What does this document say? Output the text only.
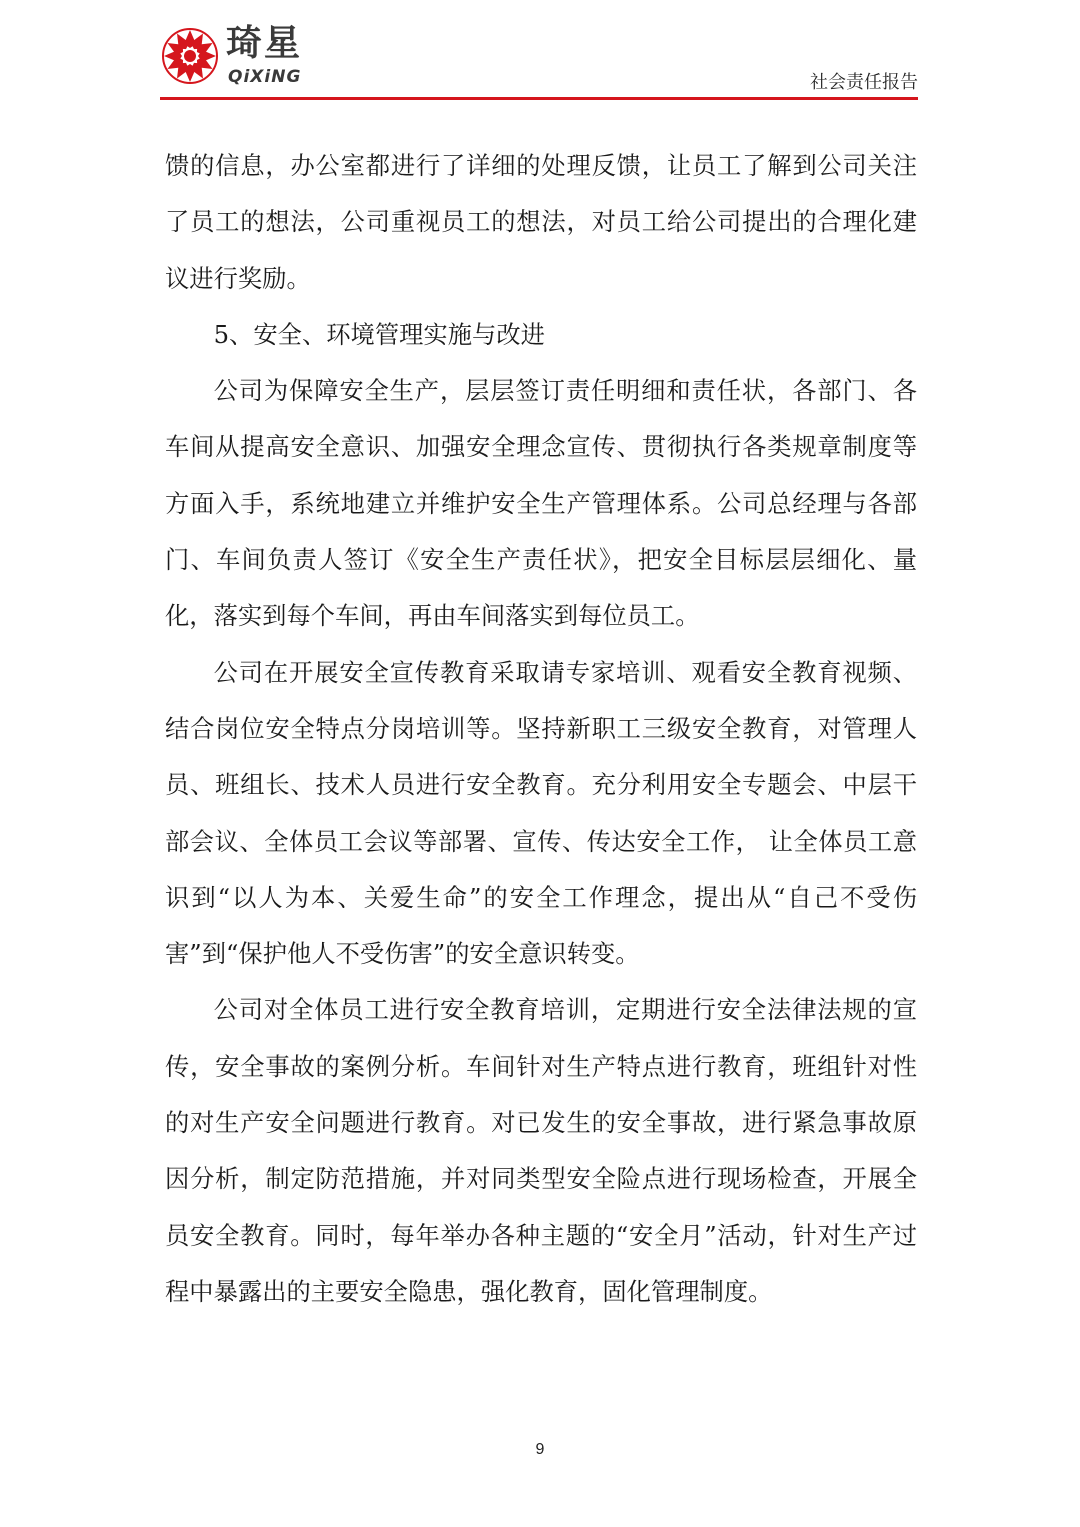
琦星
QiXiNG	社会责任报告

馈的信息，办公室都进行了详细的处理反馈，让员工了解到公司关注了员工的想法，公司重视员工的想法，对员工给公司提出的合理化建议进行奖励。

5、安全、环境管理实施与改进

公司为保障安全生产，层层签订责任明细和责任状，各部门、各车间从提高安全意识、加强安全理念宣传、贯彻执行各类规章制度等方面入手，系统地建立并维护安全生产管理体系。公司总经理与各部门、车间负责人签订《安全生产责任状》，把安全目标层层细化、量化，落实到每个车间，再由车间落实到每位员工。

公司在开展安全宣传教育采取请专家培训、观看安全教育视频、结合岗位安全特点分岗培训等。坚持新职工三级安全教育，对管理人员、班组长、技术人员进行安全教育。充分利用安全专题会、中层干部会议、全体员工会议等部署、宣传、传达安全工作， 让全体员工意识到“以人为本、关爱生命”的安全工作理念，提出从“自己不受伤害”到“保护他人不受伤害”的安全意识转变。

公司对全体员工进行安全教育培训，定期进行安全法律法规的宣传，安全事故的案例分析。车间针对生产特点进行教育，班组针对性的对生产安全问题进行教育。对已发生的安全事故，进行紧急事故原因分析，制定防范措施，并对同类型安全险点进行现场检查，开展全员安全教育。同时，每年举办各种主题的“安全月”活动，针对生产过程中暴露出的主要安全隐患，强化教育，固化管理制度。

9
